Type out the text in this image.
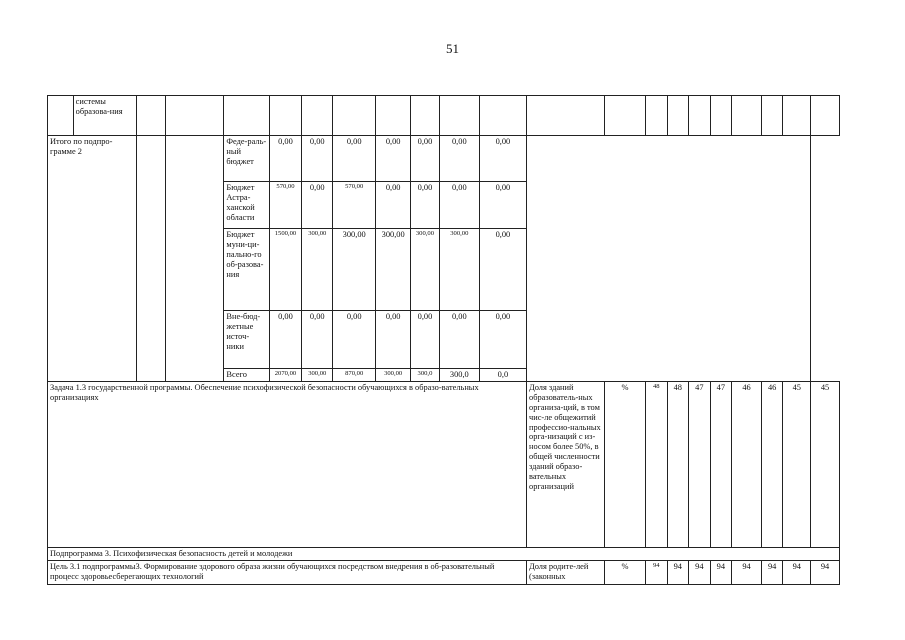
51
	системы образова-ния																				
Итого по подпро-грамме 2				Феде-раль-ный бюджет	0,00	0,00	0,00	0,00	0,00	0,00	0,00										
				Бюджет Астра-ханской области	570,00	0,00	570,00	0,00	0,00	0,00	0,00										
				Бюджет муни-ци-пально-го об-разова-ния	1500,00	300,00	300,00	300,00	300,00	300,00	0,00										
				Вне-бюд-жетные источ-ники	0,00	0,00	0,00	0,00	0,00	0,00	0,00										
				Всего	2070,00	300,00	870,00	300,00	300,0	300,0	0,0										
Задача 1.3 государственной программы. Обеспечение психофизической безопасности обучающихся в образо-вательных организациях												Доля зданий образователь-ных организа-ций, в том чис-ле общежитий профессио-нальных орга-низаций с из-носом более 50%, в общей численности зданий образо-вательных организаций	%	48	48	47	47	46	46	45	45
Подпрограмма 3. Психофизическая безопасность детей и молодежи																					
Цель 3.1 подпрограммы3. Формирование здорового образа жизни обучающихся посредством внедрения в об-разовательный процесс здоровьесберегающих технологий												Доля родите-лей (законных	%	94	94	94	94	94	94	94	94
